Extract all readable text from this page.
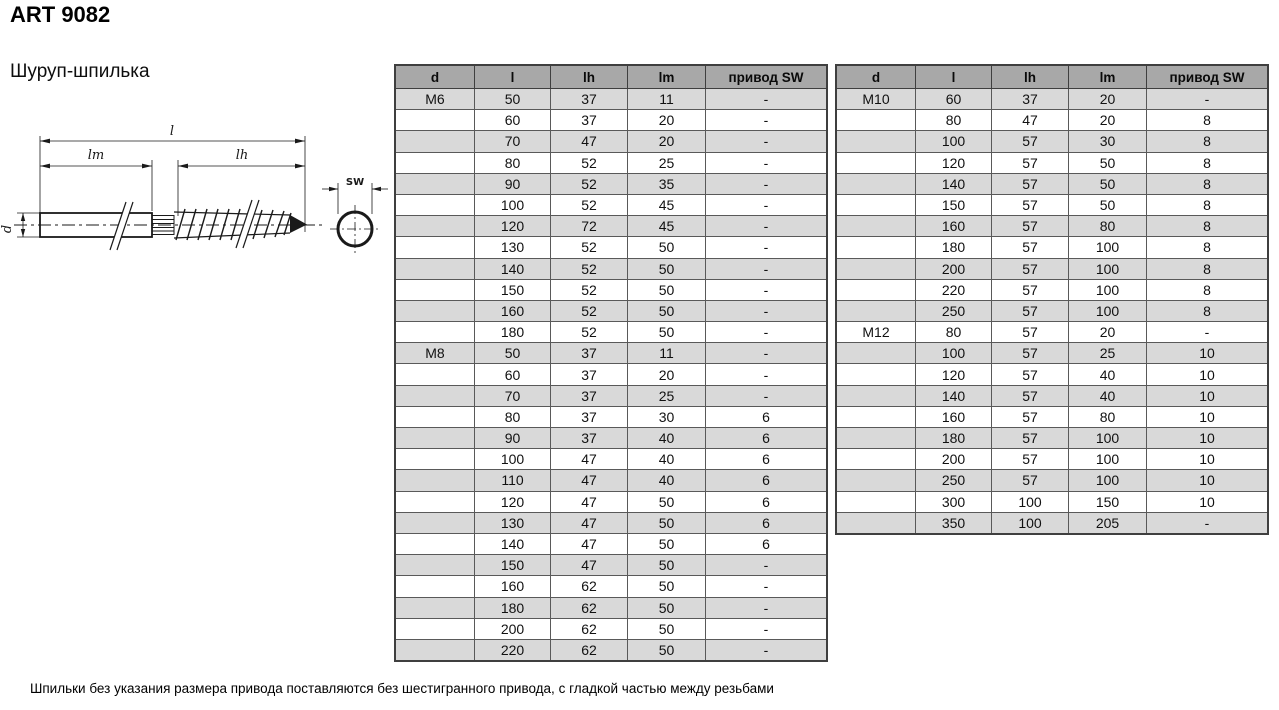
ART 9082
Шуруп-шпилька
l
lm	lh
d
SW
d	l	lh	lm	привод SW
M6	50	37	11	-
	60	37	20	-
	70	47	20	-
	80	52	25	-
	90	52	35	-
	100	52	45	-
	120	72	45	-
	130	52	50	-
	140	52	50	-
	150	52	50	-
	160	52	50	-
	180	52	50	-
M8	50	37	11	-
	60	37	20	-
	70	37	25	-
	80	37	30	6
	90	37	40	6
	100	47	40	6
	110	47	40	6
	120	47	50	6
	130	47	50	6
	140	47	50	6
	150	47	50	-
	160	62	50	-
	180	62	50	-
	200	62	50	-
	220	62	50	-
d	l	lh	lm	привод SW
M10	60	37	20	-
	80	47	20	8
	100	57	30	8
	120	57	50	8
	140	57	50	8
	150	57	50	8
	160	57	80	8
	180	57	100	8
	200	57	100	8
	220	57	100	8
	250	57	100	8
M12	80	57	20	-
	100	57	25	10
	120	57	40	10
	140	57	40	10
	160	57	80	10
	180	57	100	10
	200	57	100	10
	250	57	100	10
	300	100	150	10
	350	100	205	-
Шпильки без указания размера привода поставляются без шестигранного привода, с гладкой частью между резьбами
